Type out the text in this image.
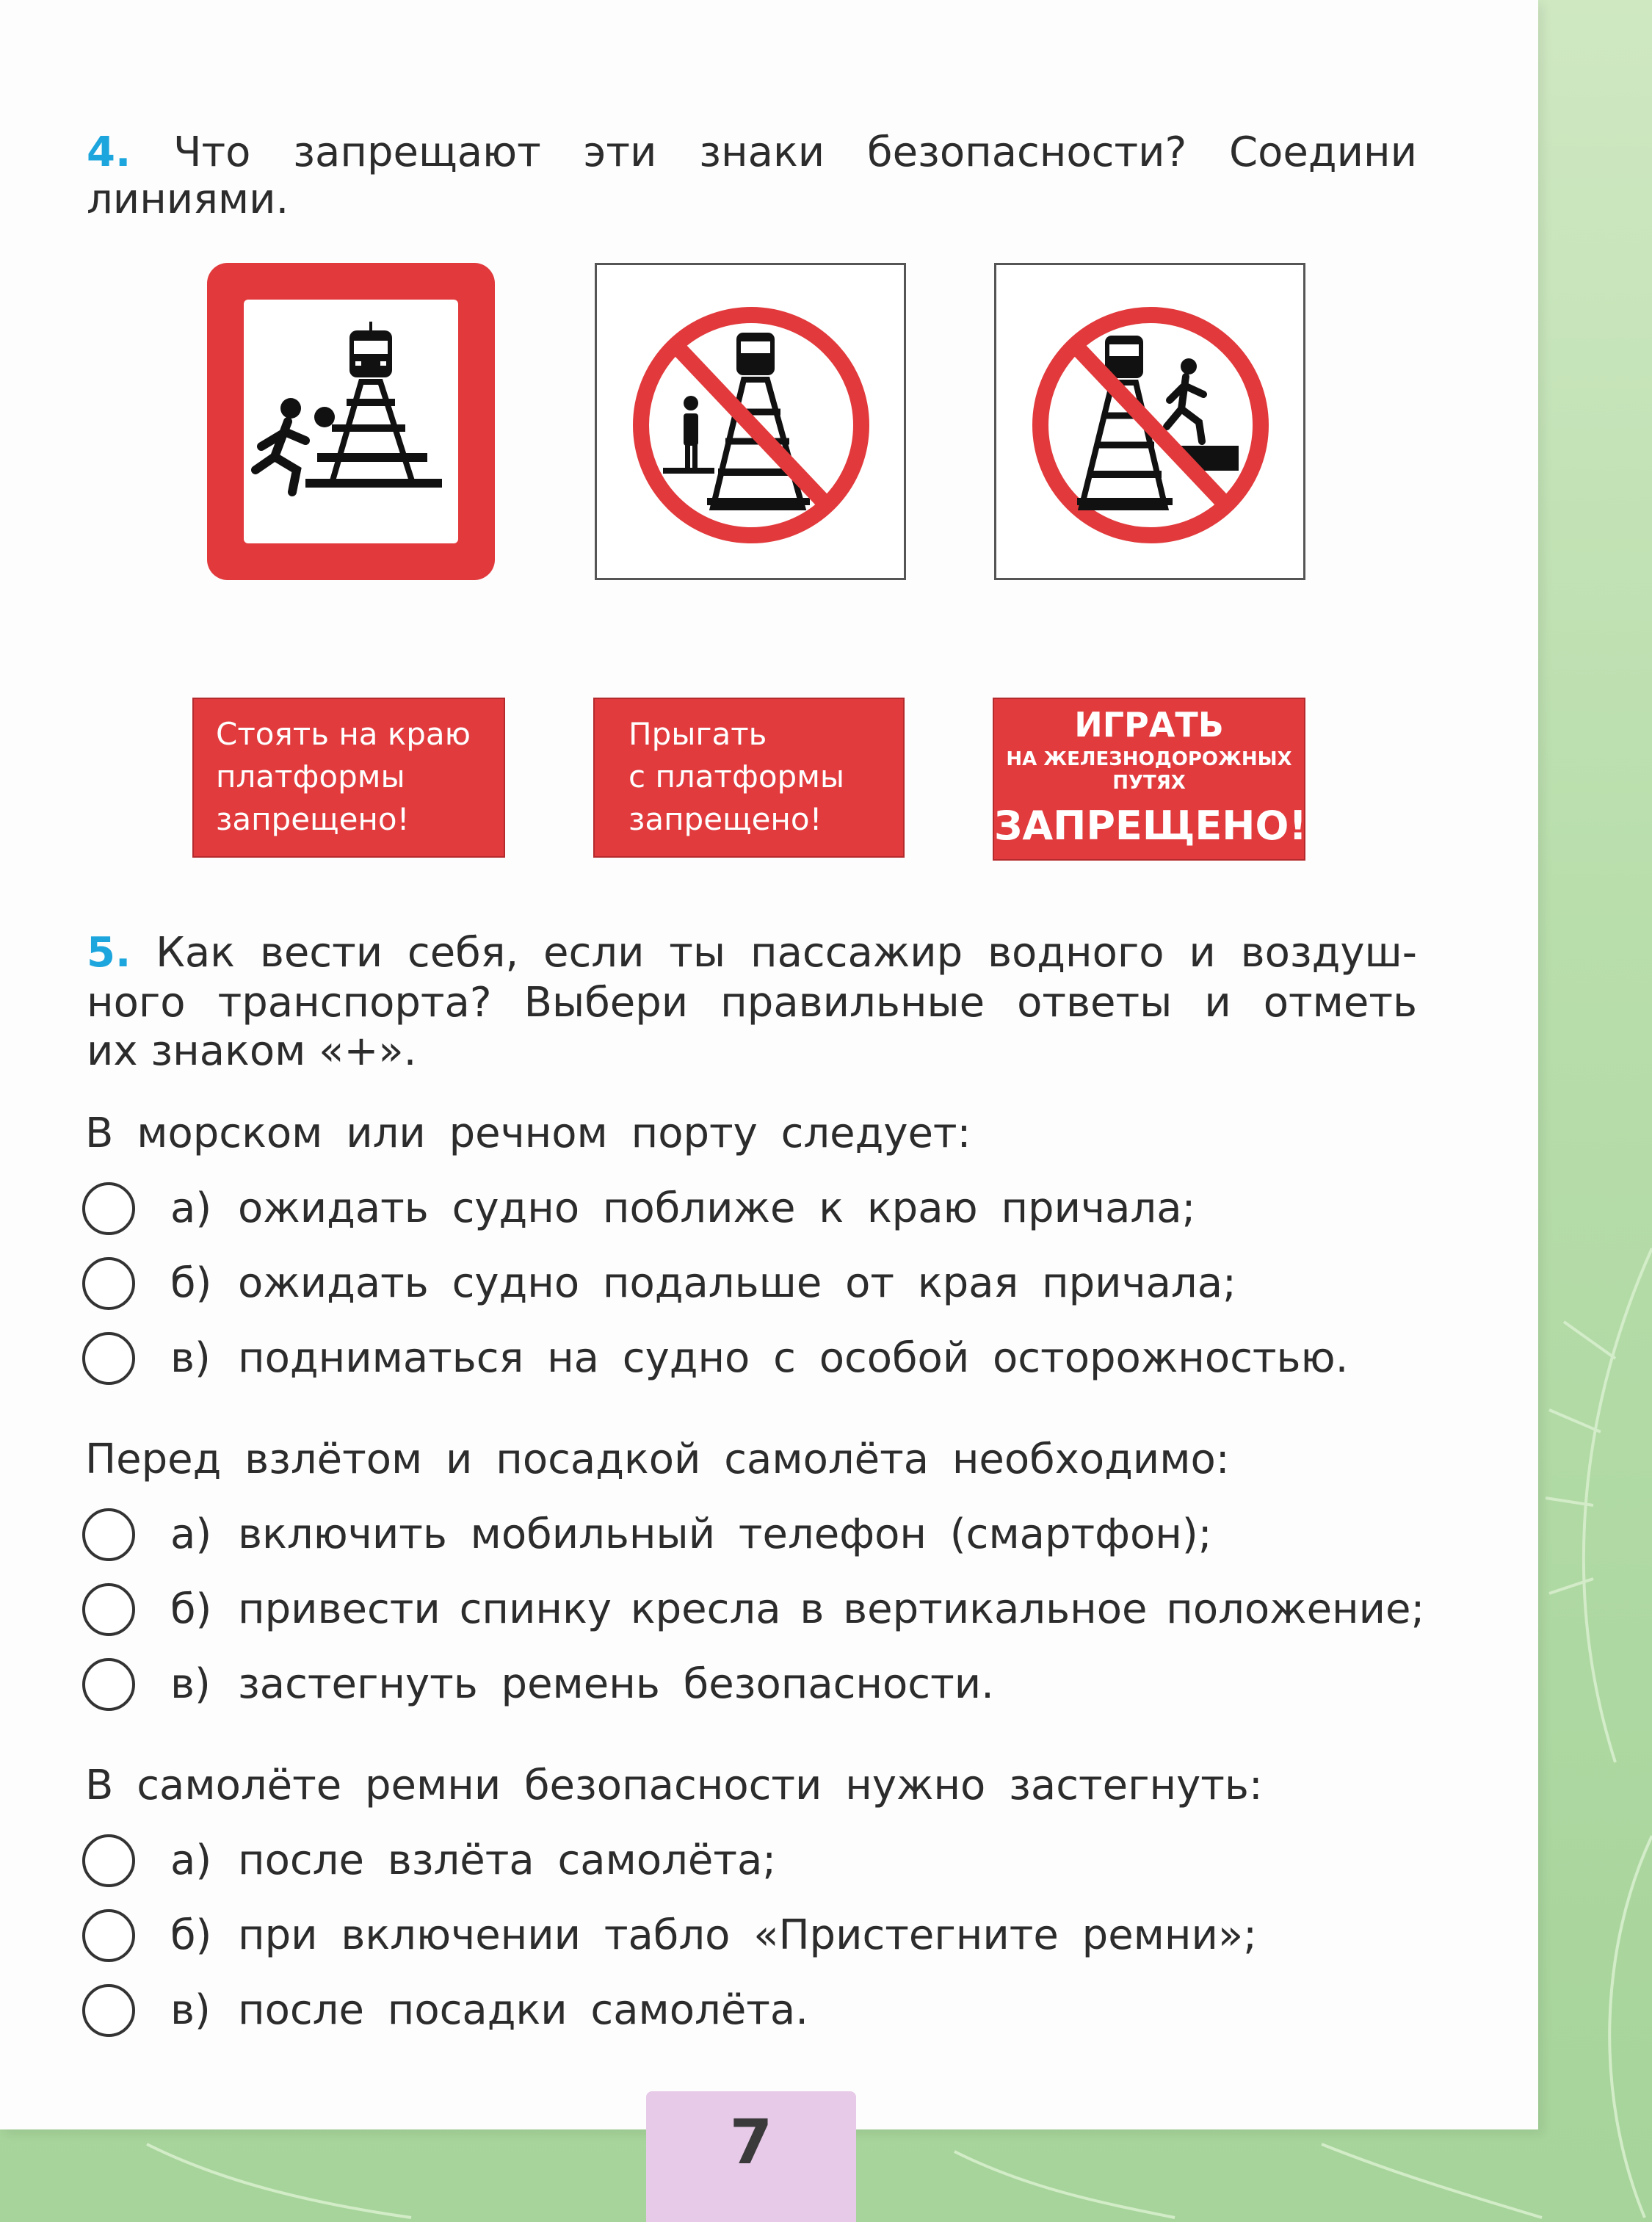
4. Что запрещают эти знаки безопасности? Соедини
линиями.
Стоять на краю
платформы
запрещено!
Прыгать
с платформы
запрещено!
ИГРАТЬ
НА ЖЕЛЕЗНОДОРОЖНЫХ
ПУТЯХ
ЗАПРЕЩЕНО!
5. Как вести себя, если ты пассажир водного и воздуш-
ного транспорта? Выбери правильные ответы и отметь
их знаком «+».
В морском или речном порту следует:
а) ожидать судно поближе к краю причала;
б) ожидать судно подальше от края причала;
в) подниматься на судно с особой осторожностью.
Перед взлётом и посадкой самолёта необходимо:
а) включить мобильный телефон (смартфон);
б) привести спинку кресла в вертикальное положение;
в) застегнуть ремень безопасности.
В самолёте ремни безопасности нужно застегнуть:
а) после взлёта самолёта;
б) при включении табло «Пристегните ремни»;
в) после посадки самолёта.
7
